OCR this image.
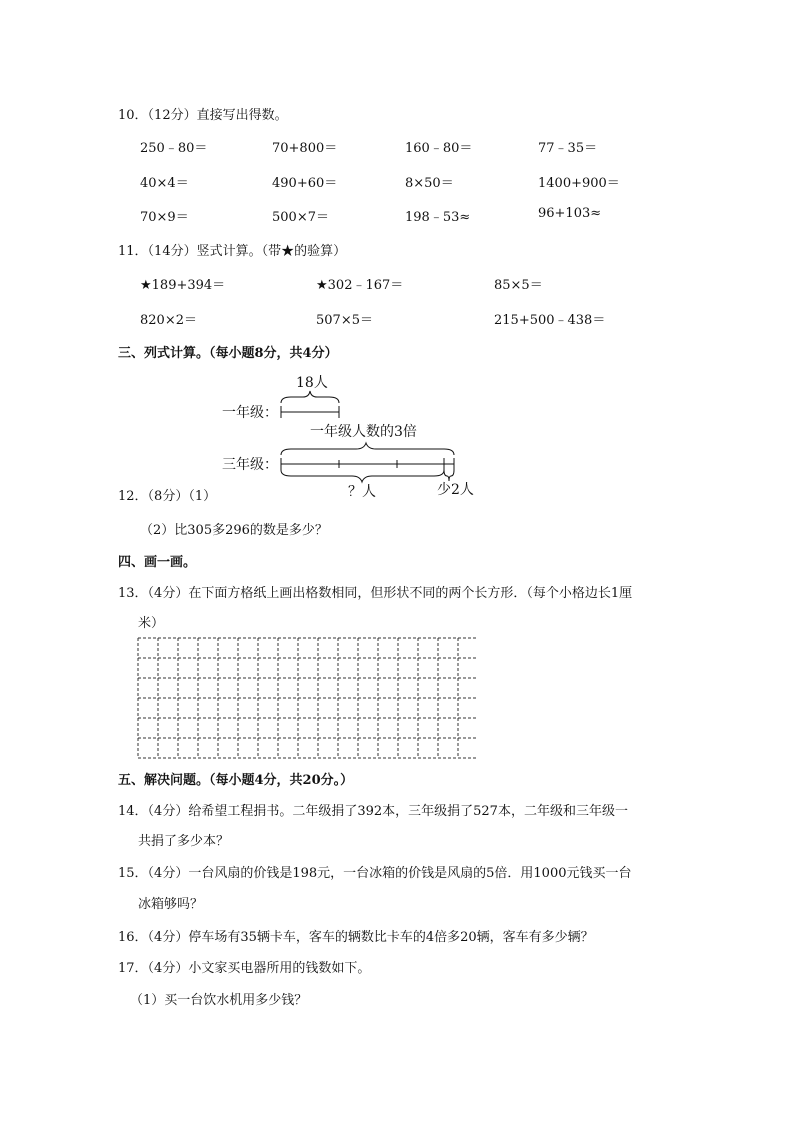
10．（12分）直接写出得数。
250﹣80＝	70+800＝	160﹣80＝	77﹣35＝
40×4＝	490+60＝	8×50＝	1400+900＝
70×9＝	500×7＝	198﹣53≈	96+103≈
11．（14分）竖式计算。（带★的验算）
★189+394＝	★302﹣167＝	85×5＝
820×2＝	507×5＝	215+500﹣438＝
三、列式计算。（每小题8分，共4分）
18人
一年级：
一年级人数的3倍
三年级：
？人	少2人
12．（8分）（1）
（2）比305多296的数是多少？
四、画一画。
13．（4分）在下面方格纸上画出格数相同，但形状不同的两个长方形．（每个小格边长1厘
米）
五、解决问题。（每小题4分，共20分。）
14．（4分）给希望工程捐书。二年级捐了392本，三年级捐了527本，二年级和三年级一
共捐了多少本？
15．（4分）一台风扇的价钱是198元，一台冰箱的价钱是风扇的5倍．用1000元钱买一台
冰箱够吗？
16．（4分）停车场有35辆卡车，客车的辆数比卡车的4倍多20辆，客车有多少辆？
17．（4分）小文家买电器所用的钱数如下。
（1）买一台饮水机用多少钱？
